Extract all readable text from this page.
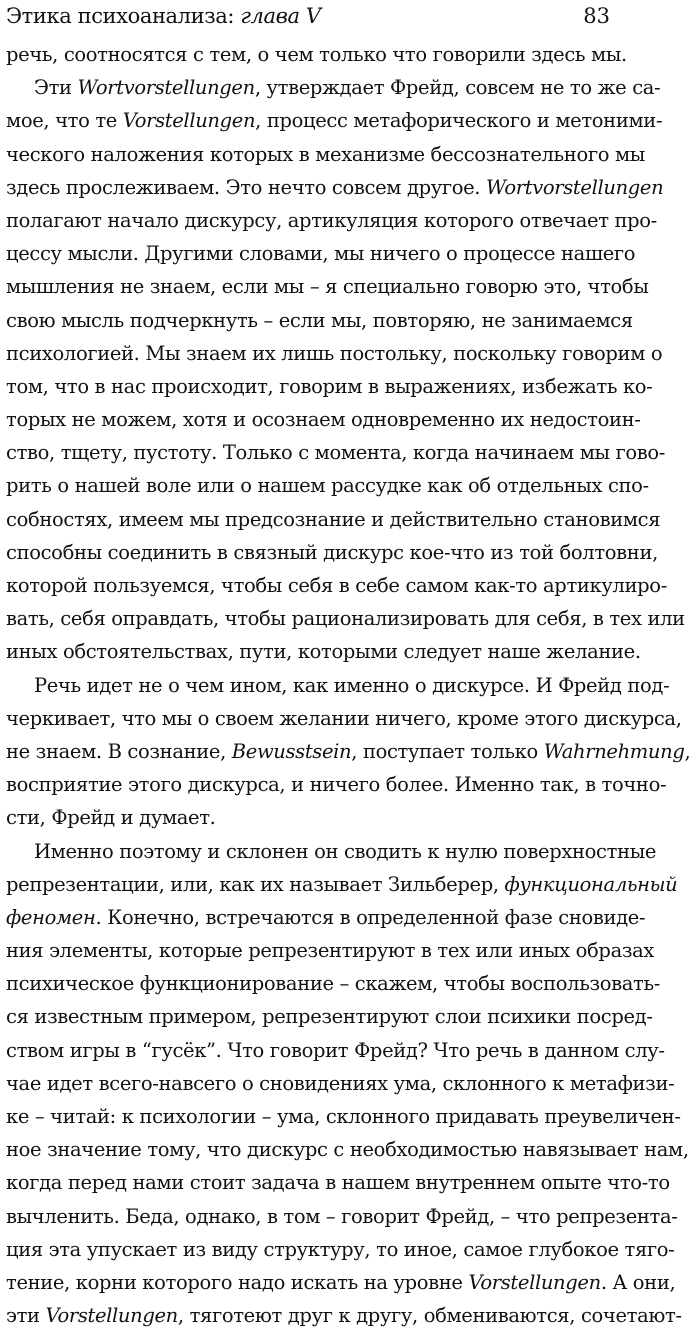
Этика психоанализа: глава V	83
речь, соотносятся с тем, о чем только что говорили здесь мы.
Эти Wortvorstellungen, утверждает Фрейд, совсем не то же са-
мое, что те Vorstellungen, процесс метафорического и метоними-
ческого наложения которых в механизме бессознательного мы
здесь прослеживаем. Это нечто совсем другое. Wortvorstellungen
полагают начало дискурсу, артикуляция которого отвечает про-
цессу мысли. Другими словами, мы ничего о процессе нашего
мышления не знаем, если мы – я специально говорю это, чтобы
свою мысль подчеркнуть – если мы, повторяю, не занимаемся
психологией. Мы знаем их лишь постольку, поскольку говорим о
том, что в нас происходит, говорим в выражениях, избежать ко-
торых не можем, хотя и осознаем одновременно их недостоин-
ство, тщету, пустоту. Только с момента, когда начинаем мы гово-
рить о нашей воле или о нашем рассудке как об отдельных спо-
собностях, имеем мы предсознание и действительно становимся
способны соединить в связный дискурс кое-что из той болтовни,
которой пользуемся, чтобы себя в себе самом как-то артикулиро-
вать, себя оправдать, чтобы рационализировать для себя, в тех или
иных обстоятельствах, пути, которыми следует наше желание.
Речь идет не о чем ином, как именно о дискурсе. И Фрейд под-
черкивает, что мы о своем желании ничего, кроме этого дискурса,
не знаем. В сознание, Bewusstsein, поступает только Wahrnehmung,
восприятие этого дискурса, и ничего более. Именно так, в точно-
сти, Фрейд и думает.
Именно поэтому и склонен он сводить к нулю поверхностные
репрезентации, или, как их называет Зильберер, функциональный
феномен. Конечно, встречаются в определенной фазе сновиде-
ния элементы, которые репрезентируют в тех или иных образах
психическое функционирование – скажем, чтобы воспользовать-
ся известным примером, репрезентируют слои психики посред-
ством игры в “гусёк”. Что говорит Фрейд? Что речь в данном слу-
чае идет всего-навсего о сновидениях ума, склонного к метафизи-
ке – читай: к психологии – ума, склонного придавать преувеличен-
ное значение тому, что дискурс с необходимостью навязывает нам,
когда перед нами стоит задача в нашем внутреннем опыте что-то
вычленить. Беда, однако, в том – говорит Фрейд, – что репрезента-
ция эта упускает из виду структуру, то иное, самое глубокое тяго-
тение, корни которого надо искать на уровне Vorstellungen. А они,
эти Vorstellungen, тяготеют друг к другу, обмениваются, сочетают-
